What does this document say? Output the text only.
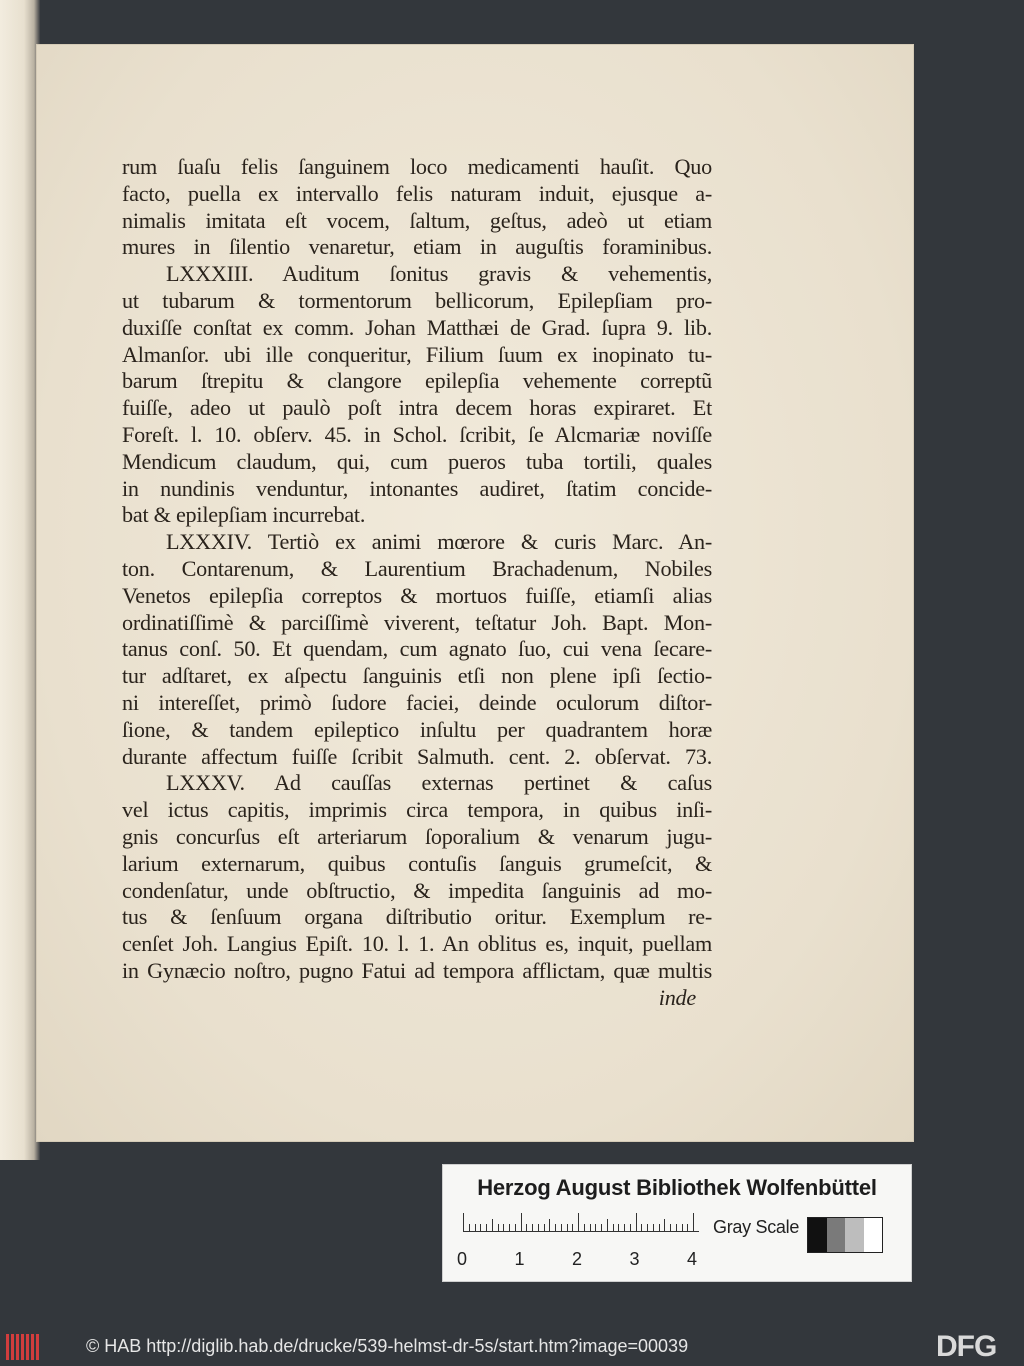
rum ſuaſu felis ſanguinem loco medicamenti hauſit. Quo
facto, puella ex intervallo felis naturam induit, ejusque a-
nimalis imitata eſt vocem, ſaltum, geſtus, adeò ut etiam
mures in ſilentio venaretur, etiam in auguſtis foraminibus.
LXXXIII. Auditum ſonitus gravis & vehementis,
ut tubarum & tormentorum bellicorum, Epilepſiam pro-
duxiſſe conſtat ex comm. Johan Matthæi de Grad. ſupra 9. lib.
Almanſor. ubi ille conqueritur, Filium ſuum ex inopinato tu-
barum ſtrepitu & clangore epilepſia vehemente correptũ
fuiſſe, adeo ut paulò poſt intra decem horas expiraret. Et
Foreſt. l. 10. obſerv. 45. in Schol. ſcribit, ſe Alcmariæ noviſſe
Mendicum claudum, qui, cum pueros tuba tortili, quales
in nundinis venduntur, intonantes audiret, ſtatim concide-
bat & epilepſiam incurrebat.
LXXXIV. Tertiò ex animi mœrore & curis Marc. An-
ton. Contarenum, & Laurentium Brachadenum, Nobiles
Venetos epilepſia correptos & mortuos fuiſſe, etiamſi alias
ordinatiſſimè & parciſſimè viverent, teſtatur Joh. Bapt. Mon-
tanus conſ. 50. Et quendam, cum agnato ſuo, cui vena ſecare-
tur adſtaret, ex aſpectu ſanguinis etſi non plene ipſi ſectio-
ni intereſſet, primò ſudore faciei, deinde oculorum diſtor-
ſione, & tandem epileptico inſultu per quadrantem horæ
durante affectum fuiſſe ſcribit Salmuth. cent. 2. obſervat. 73.
LXXXV. Ad cauſſas externas pertinet & caſus
vel ictus capitis, imprimis circa tempora, in quibus inſi-
gnis concurſus eſt arteriarum ſoporalium & venarum jugu-
larium externarum, quibus contuſis ſanguis grumeſcit, &
condenſatur, unde obſtructio, & impedita ſanguinis ad mo-
tus & ſenſuum organa diſtributio oritur. Exemplum re-
cenſet Joh. Langius Epiſt. 10. l. 1. An oblitus es, inquit, puellam
in Gynæcio noſtro, pugno Fatui ad tempora afflictam, quæ multis
inde
Herzog August Bibliothek Wolfenbüttel
0	1	2	3	4
Gray Scale
© HAB http://diglib.hab.de/drucke/539-helmst-dr-5s/start.htm?image=00039	DFG
